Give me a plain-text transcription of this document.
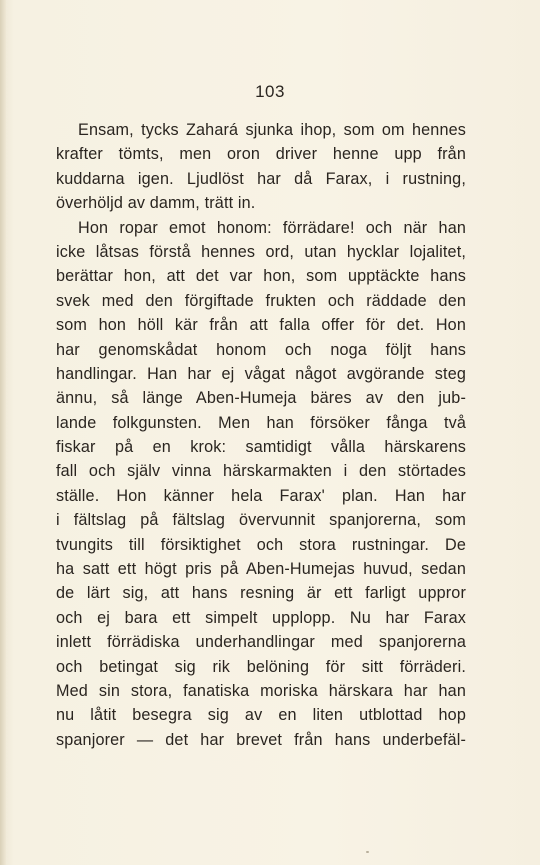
103
Ensam, tycks Zahará sjunka ihop, som om hennes
krafter tömts, men oron driver henne upp från
kuddarna igen. Ljudlöst har då Farax, i rustning,
överhöljd av damm, trätt in.
Hon ropar emot honom: förrädare! och när han
icke låtsas förstå hennes ord, utan hycklar lojalitet,
berättar hon, att det var hon, som upptäckte hans
svek med den förgiftade frukten och räddade den
som hon höll kär från att falla offer för det. Hon
har genomskådat honom och noga följt hans
handlingar. Han har ej vågat något avgörande steg
ännu, så länge Aben-Humeja bäres av den jub-
lande folkgunsten. Men han försöker fånga två
fiskar på en krok: samtidigt vålla härskarens
fall och själv vinna härskarmakten i den störtades
ställe. Hon känner hela Farax' plan. Han har
i fältslag på fältslag övervunnit spanjorerna, som
tvungits till försiktighet och stora rustningar. De
ha satt ett högt pris på Aben-Humejas huvud, sedan
de lärt sig, att hans resning är ett farligt uppror
och ej bara ett simpelt upplopp. Nu har Farax
inlett förrädiska underhandlingar med spanjorerna
och betingat sig rik belöning för sitt förräderi.
Med sin stora, fanatiska moriska härskara har han
nu låtit besegra sig av en liten utblottad hop
spanjorer — det har brevet från hans underbefäl-
